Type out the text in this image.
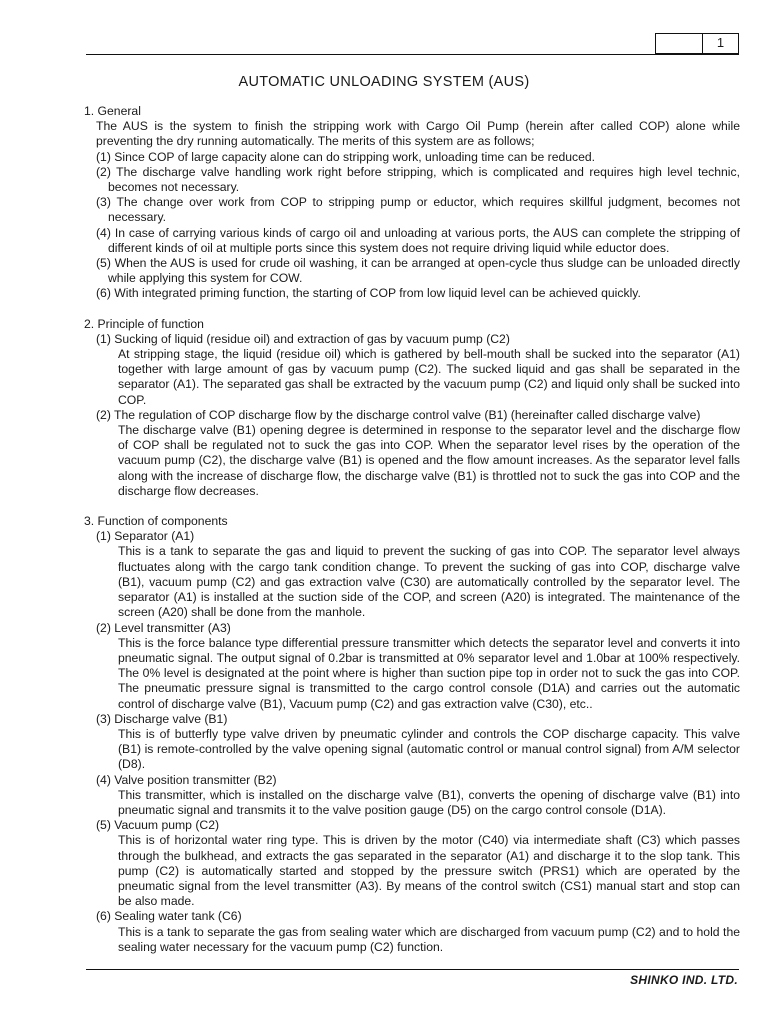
1
AUTOMATIC UNLOADING SYSTEM (AUS)

1. General

The AUS is the system to finish the stripping work with Cargo Oil Pump (herein after called COP) alone while preventing the dry running automatically. The merits of this system are as follows;

(1) Since COP of large capacity alone can do stripping work, unloading time can be reduced.

(2) The discharge valve handling work right before stripping, which is complicated and requires high level technic, becomes not necessary.

(3) The change over work from COP to stripping pump or eductor, which requires skillful judgment, becomes not necessary.

(4) In case of carrying various kinds of cargo oil and unloading at various ports, the AUS can complete the stripping of different kinds of oil at multiple ports since this system does not require driving liquid while eductor does.

(5) When the AUS is used for crude oil washing, it can be arranged at open-cycle thus sludge can be unloaded directly while applying this system for COW.

(6) With integrated priming function, the starting of COP from low liquid level can be achieved quickly.

2. Principle of function

(1) Sucking of liquid (residue oil) and extraction of gas by vacuum pump (C2)

At stripping stage, the liquid (residue oil) which is gathered by bell-mouth shall be sucked into the separator (A1) together with large amount of gas by vacuum pump (C2). The sucked liquid and gas shall be separated in the separator (A1). The separated gas shall be extracted by the vacuum pump (C2) and liquid only shall be sucked into COP.

(2) The regulation of COP discharge flow by the discharge control valve (B1) (hereinafter called discharge valve)

The discharge valve (B1) opening degree is determined in response to the separator level and the discharge flow of COP shall be regulated not to suck the gas into COP. When the separator level rises by the operation of the vacuum pump (C2), the discharge valve (B1) is opened and the flow amount increases. As the separator level falls along with the increase of discharge flow, the discharge valve (B1) is throttled not to suck the gas into COP and the discharge flow decreases.

3. Function of components

(1) Separator (A1)

This is a tank to separate the gas and liquid to prevent the sucking of gas into COP. The separator level always fluctuates along with the cargo tank condition change. To prevent the sucking of gas into COP, discharge valve (B1), vacuum pump (C2) and gas extraction valve (C30) are automatically controlled by the separator level. The separator (A1) is installed at the suction side of the COP, and screen (A20) is integrated. The maintenance of the screen (A20) shall be done from the manhole.

(2) Level transmitter (A3)

This is the force balance type differential pressure transmitter which detects the separator level and converts it into pneumatic signal. The output signal of 0.2bar is transmitted at 0% separator level and 1.0bar at 100% respectively. The 0% level is designated at the point where is higher than suction pipe top in order not to suck the gas into COP. The pneumatic pressure signal is transmitted to the cargo control console (D1A) and carries out the automatic control of discharge valve (B1), Vacuum pump (C2) and gas extraction valve (C30), etc..

(3) Discharge valve (B1)

This is of butterfly type valve driven by pneumatic cylinder and controls the COP discharge capacity. This valve (B1) is remote-controlled by the valve opening signal (automatic control or manual control signal) from A/M selector (D8).

(4) Valve position transmitter (B2)

This transmitter, which is installed on the discharge valve (B1), converts the opening of discharge valve (B1) into pneumatic signal and transmits it to the valve position gauge (D5) on the cargo control console (D1A).

(5) Vacuum pump (C2)

This is of horizontal water ring type. This is driven by the motor (C40) via intermediate shaft (C3) which passes through the bulkhead, and extracts the gas separated in the separator (A1) and discharge it to the slop tank. This pump (C2) is automatically started and stopped by the pressure switch (PRS1) which are operated by the pneumatic signal from the level transmitter (A3). By means of the control switch (CS1) manual start and stop can be also made.

(6) Sealing water tank (C6)

This is a tank to separate the gas from sealing water which are discharged from vacuum pump (C2) and to hold the sealing water necessary for the vacuum pump (C2) function.

SHINKO IND. LTD.
